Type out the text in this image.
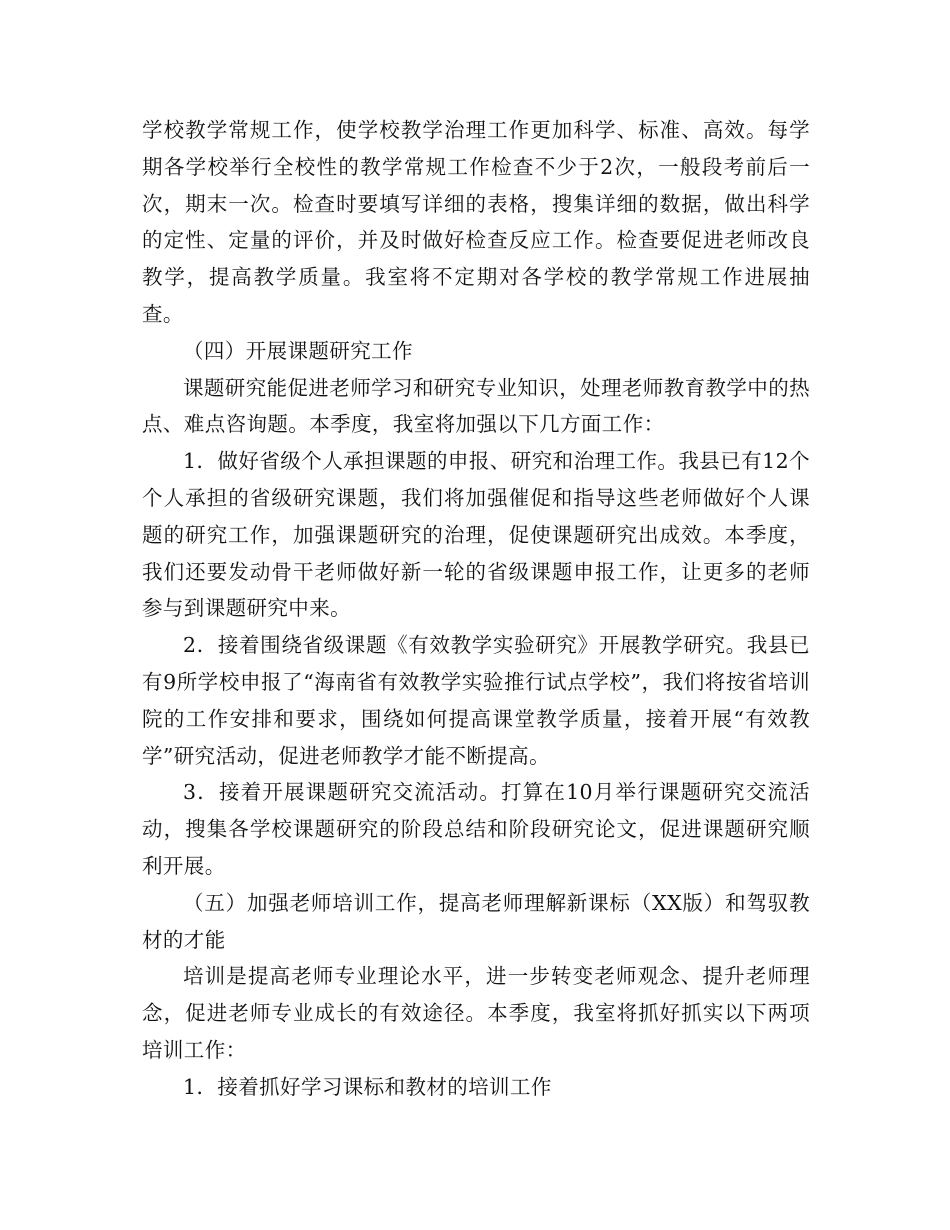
学校教学常规工作，使学校教学治理工作更加科学、标准、高效。每学期各学校举行全校性的教学常规工作检查不少于2次，一般段考前后一次，期末一次。检查时要填写详细的表格，搜集详细的数据，做出科学的定性、定量的评价，并及时做好检查反应工作。检查要促进老师改良教学，提高教学质量。我室将不定期对各学校的教学常规工作进展抽查。

（四）开展课题研究工作

课题研究能促进老师学习和研究专业知识，处理老师教育教学中的热点、难点咨询题。本季度，我室将加强以下几方面工作：

1．做好省级个人承担课题的申报、研究和治理工作。我县已有12个个人承担的省级研究课题，我们将加强催促和指导这些老师做好个人课题的研究工作，加强课题研究的治理，促使课题研究出成效。本季度，我们还要发动骨干老师做好新一轮的省级课题申报工作，让更多的老师参与到课题研究中来。

2．接着围绕省级课题《有效教学实验研究》开展教学研究。我县已有9所学校申报了“海南省有效教学实验推行试点学校”，我们将按省培训院的工作安排和要求，围绕如何提高课堂教学质量，接着开展“有效教学”研究活动，促进老师教学才能不断提高。

3．接着开展课题研究交流活动。打算在10月举行课题研究交流活动，搜集各学校课题研究的阶段总结和阶段研究论文，促进课题研究顺利开展。

（五）加强老师培训工作，提高老师理解新课标（XX版）和驾驭教材的才能

培训是提高老师专业理论水平，进一步转变老师观念、提升老师理念，促进老师专业成长的有效途径。本季度，我室将抓好抓实以下两项培训工作：

1．接着抓好学习课标和教材的培训工作
